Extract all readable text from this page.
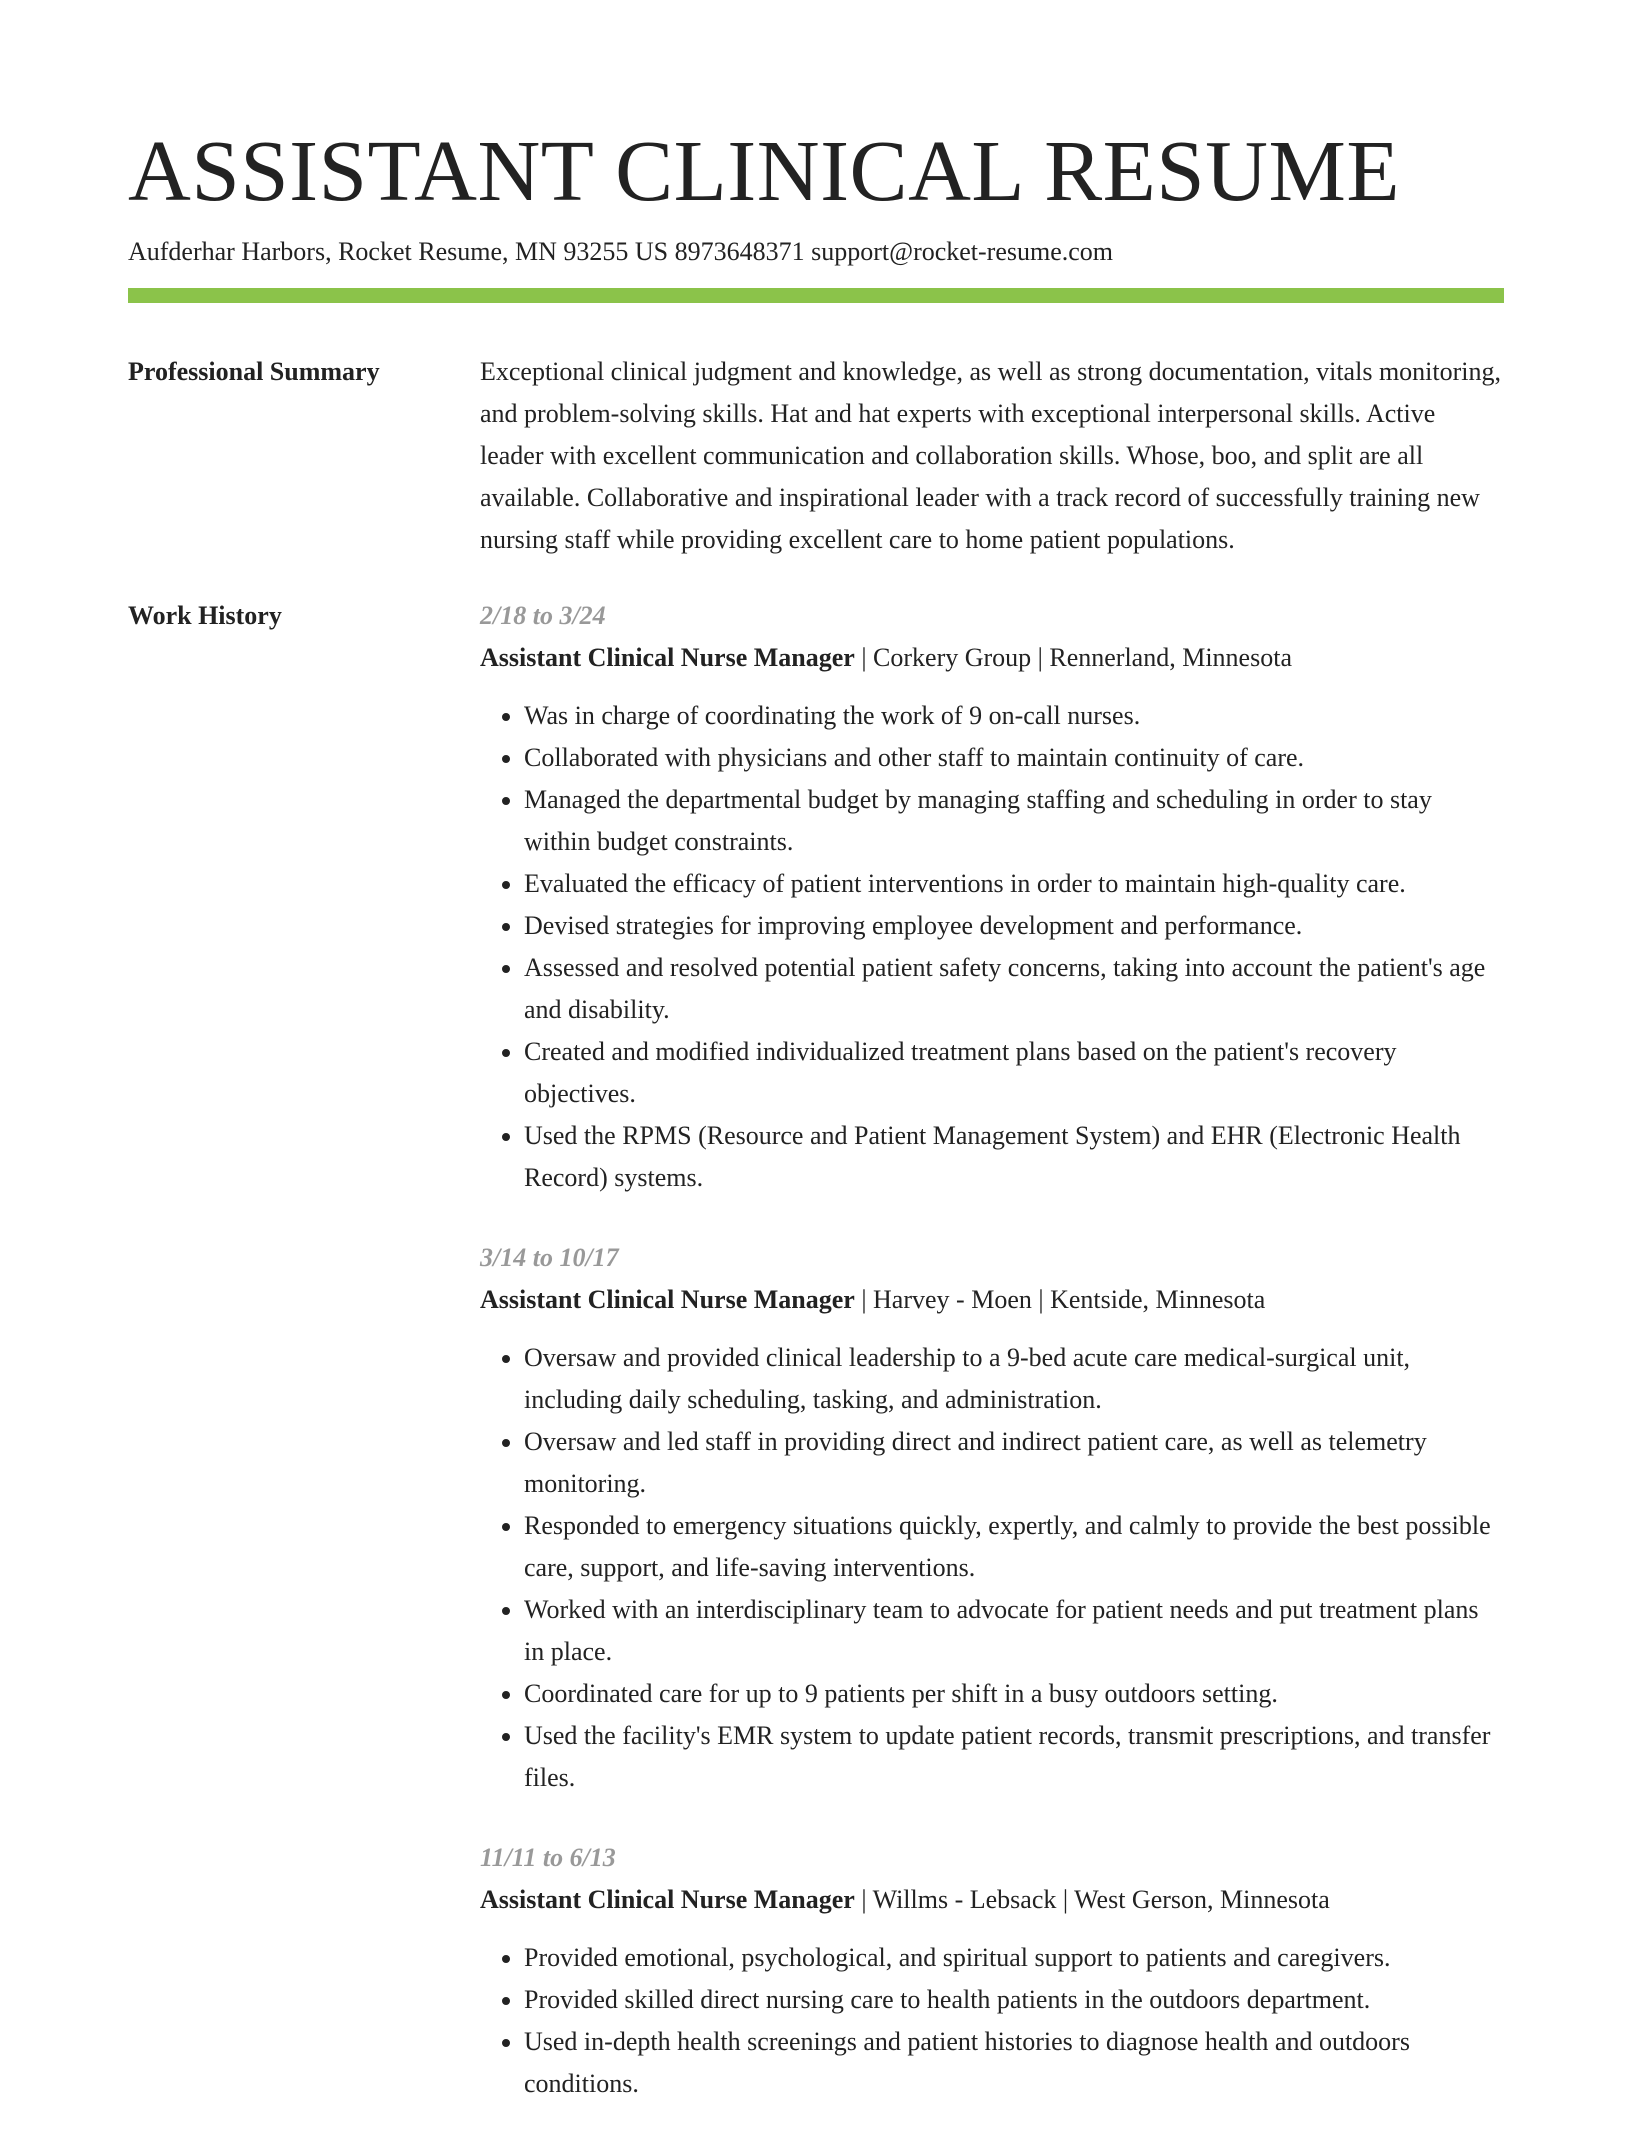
ASSISTANT CLINICAL RESUME
Aufderhar Harbors, Rocket Resume, MN 93255 US 8973648371 support@rocket-resume.com
Professional Summary	Exceptional clinical judgment and knowledge, as well as strong documentation, vitals monitoring, and problem-solving skills. Hat and hat experts with exceptional interpersonal skills. Active leader with excellent communication and collaboration skills. Whose, boo, and split are all available. Collaborative and inspirational leader with a track record of successfully training new nursing staff while providing excellent care to home patient populations.

Work History	2/18 to 3/24
Assistant Clinical Nurse Manager | Corkery Group | Rennerland, Minnesota
• Was in charge of coordinating the work of 9 on-call nurses.
• Collaborated with physicians and other staff to maintain continuity of care.
• Managed the departmental budget by managing staffing and scheduling in order to stay within budget constraints.
• Evaluated the efficacy of patient interventions in order to maintain high-quality care.
• Devised strategies for improving employee development and performance.
• Assessed and resolved potential patient safety concerns, taking into account the patient's age and disability.
• Created and modified individualized treatment plans based on the patient's recovery objectives.
• Used the RPMS (Resource and Patient Management System) and EHR (Electronic Health Record) systems.
3/14 to 10/17
Assistant Clinical Nurse Manager | Harvey - Moen | Kentside, Minnesota
• Oversaw and provided clinical leadership to a 9-bed acute care medical-surgical unit, including daily scheduling, tasking, and administration.
• Oversaw and led staff in providing direct and indirect patient care, as well as telemetry monitoring.
• Responded to emergency situations quickly, expertly, and calmly to provide the best possible care, support, and life-saving interventions.
• Worked with an interdisciplinary team to advocate for patient needs and put treatment plans in place.
• Coordinated care for up to 9 patients per shift in a busy outdoors setting.
• Used the facility's EMR system to update patient records, transmit prescriptions, and transfer files.
11/11 to 6/13
Assistant Clinical Nurse Manager | Willms - Lebsack | West Gerson, Minnesota
• Provided emotional, psychological, and spiritual support to patients and caregivers.
• Provided skilled direct nursing care to health patients in the outdoors department.
• Used in-depth health screenings and patient histories to diagnose health and outdoors conditions.
